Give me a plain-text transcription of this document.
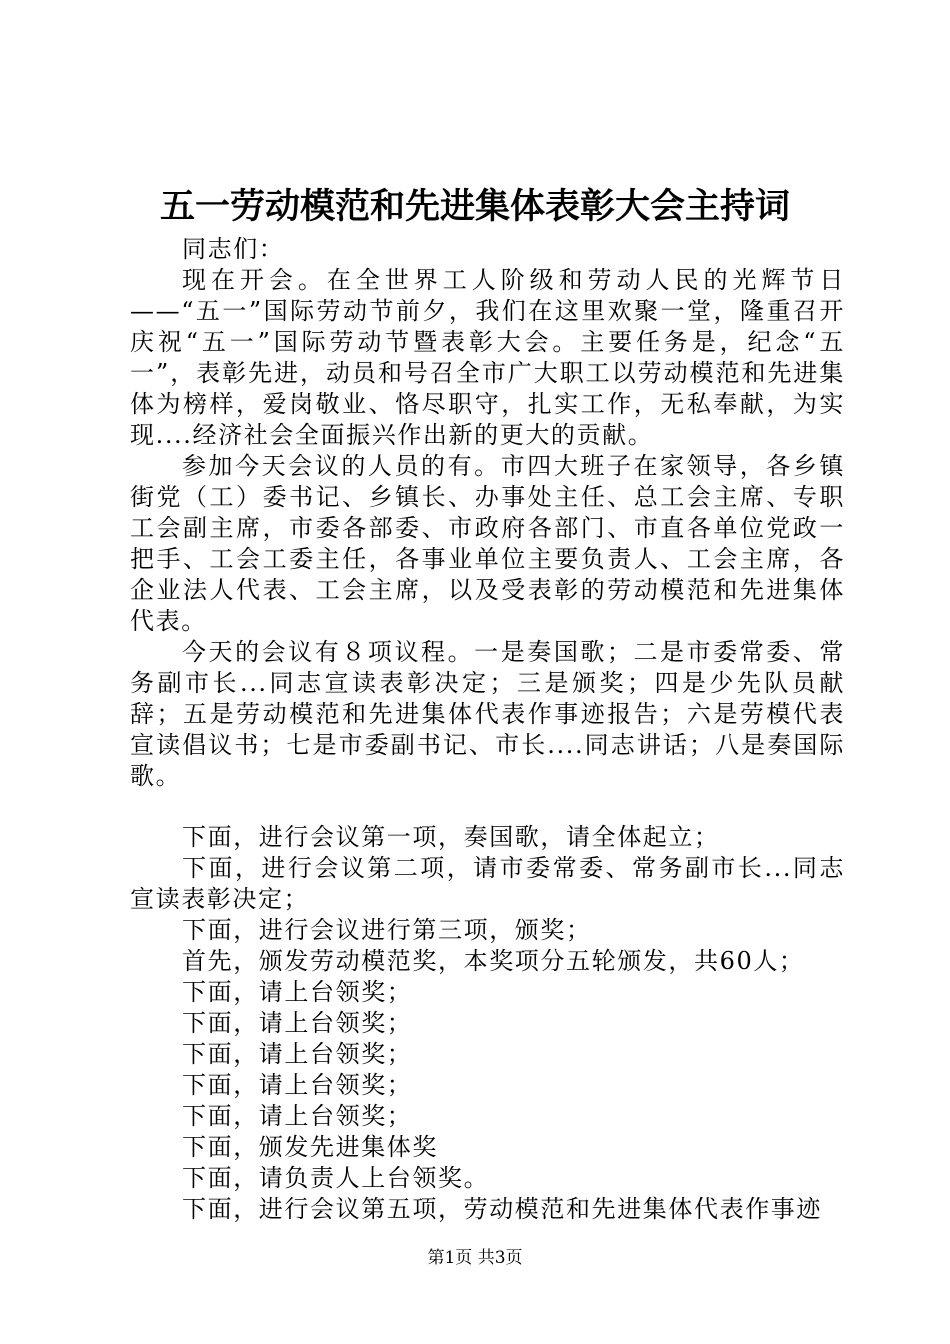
五一劳动模范和先进集体表彰大会主持词

同志们：

现在开会。在全世界工人阶级和劳动人民的光辉节日——“五一”国际劳动节前夕，我们在这里欢聚一堂，隆重召开庆祝“五一”国际劳动节暨表彰大会。主要任务是，纪念“五一”，表彰先进，动员和号召全市广大职工以劳动模范和先进集体为榜样，爱岗敬业、恪尽职守，扎实工作，无私奉献，为实现....经济社会全面振兴作出新的更大的贡献。

参加今天会议的人员的有。市四大班子在家领导，各乡镇街党（工）委书记、乡镇长、办事处主任、总工会主席、专职工会副主席，市委各部委、市政府各部门、市直各单位党政一把手、工会工委主任，各事业单位主要负责人、工会主席，各企业法人代表、工会主席，以及受表彰的劳动模范和先进集体代表。

今天的会议有８项议程。一是奏国歌；二是市委常委、常务副市长...同志宣读表彰决定；三是颁奖；四是少先队员献辞；五是劳动模范和先进集体代表作事迹报告；六是劳模代表宣读倡议书；七是市委副书记、市长....同志讲话；八是奏国际歌。

下面，进行会议第一项，奏国歌，请全体起立；

下面，进行会议第二项，请市委常委、常务副市长...同志宣读表彰决定；

下面，进行会议进行第三项，颁奖；

首先，颁发劳动模范奖，本奖项分五轮颁发，共60人；

下面，请上台领奖；

下面，请上台领奖；

下面，请上台领奖；

下面，请上台领奖；

下面，请上台领奖；

下面，颁发先进集体奖

下面，请负责人上台领奖。

下面，进行会议第五项，劳动模范和先进集体代表作事迹

第1页 共3页
